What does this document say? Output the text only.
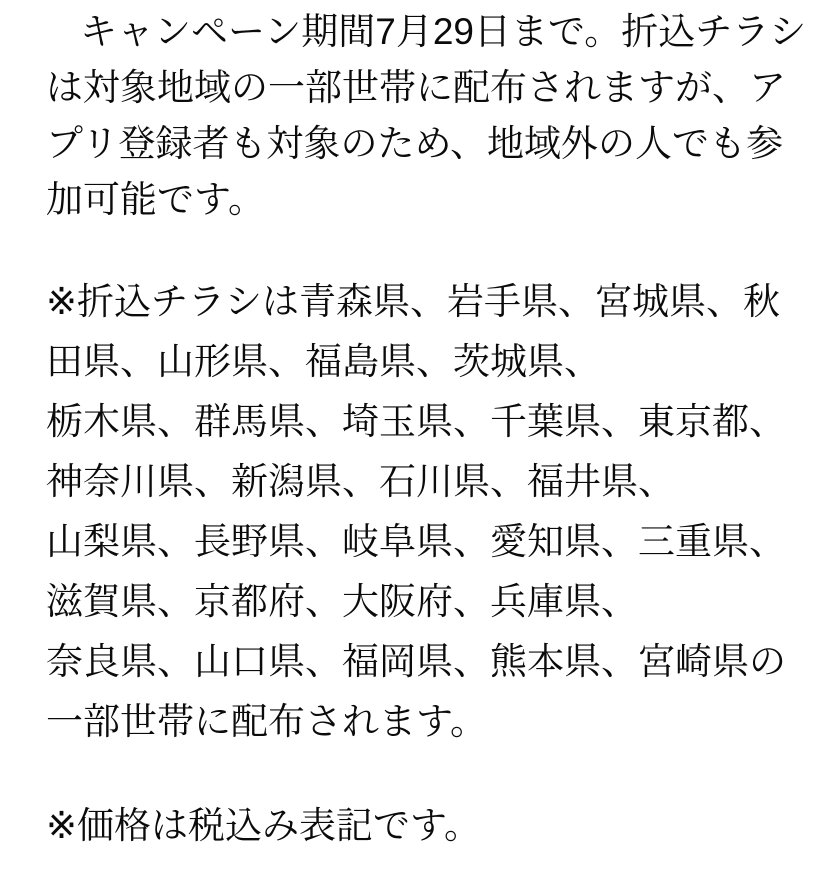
キャンペーン期間7月29日まで。折込チラシ
は対象地域の一部世帯に配布されますが、ア
プリ登録者も対象のため、地域外の人でも参
加可能です。
※折込チラシは青森県、岩手県、宮城県、秋
田県、山形県、福島県、茨城県、
栃木県、群馬県、埼玉県、千葉県、東京都、
神奈川県、新潟県、石川県、福井県、
山梨県、長野県、岐阜県、愛知県、三重県、
滋賀県、京都府、大阪府、兵庫県、
奈良県、山口県、福岡県、熊本県、宮崎県の
一部世帯に配布されます。
※価格は税込み表記です。
